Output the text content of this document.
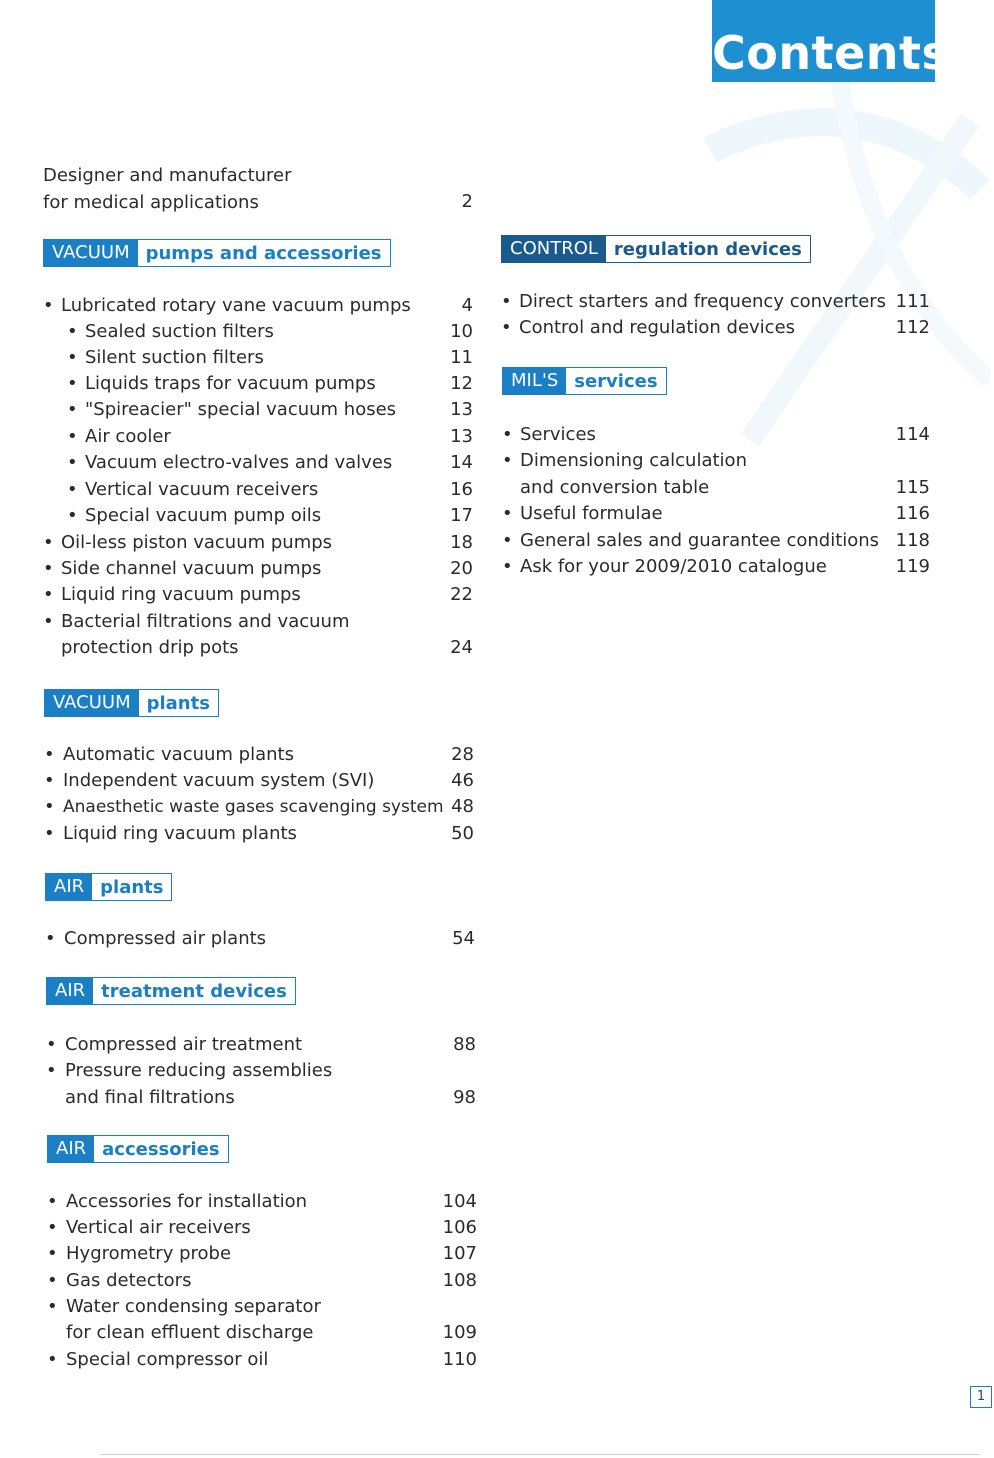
Contents
Designer and manufacturer
for medical applications	2
VACUUM pumps and accessories
• Lubricated rotary vane vacuum pumps	4
• Sealed suction filters	10
• Silent suction filters	11
• Liquids traps for vacuum pumps	12
• "Spireacier" special vacuum hoses	13
• Air cooler	13
• Vacuum electro-valves and valves	14
• Vertical vacuum receivers	16
• Special vacuum pump oils	17
• Oil-less piston vacuum pumps	18
• Side channel vacuum pumps	20
• Liquid ring vacuum pumps	22
• Bacterial filtrations and vacuum
protection drip pots	24
VACUUM plants
• Automatic vacuum plants	28
• Independent vacuum system (SVI)	46
• Anaesthetic waste gases scavenging system 48
• Liquid ring vacuum plants	50
AIR plants
• Compressed air plants	54
AIR treatment devices
• Compressed air treatment	88
• Pressure reducing assemblies
and final filtrations	98
AIR accessories
• Accessories for installation	104
• Vertical air receivers	106
• Hygrometry probe	107
• Gas detectors	108
• Water condensing separator
for clean effluent discharge	109
• Special compressor oil	110
CONTROL regulation devices
• Direct starters and frequency converters 111
• Control and regulation devices	112
MIL'S services
• Services	114
• Dimensioning calculation
and conversion table	115
• Useful formulae	116
• General sales and guarantee conditions 118
• Ask for your 2009/2010 catalogue	119
1
